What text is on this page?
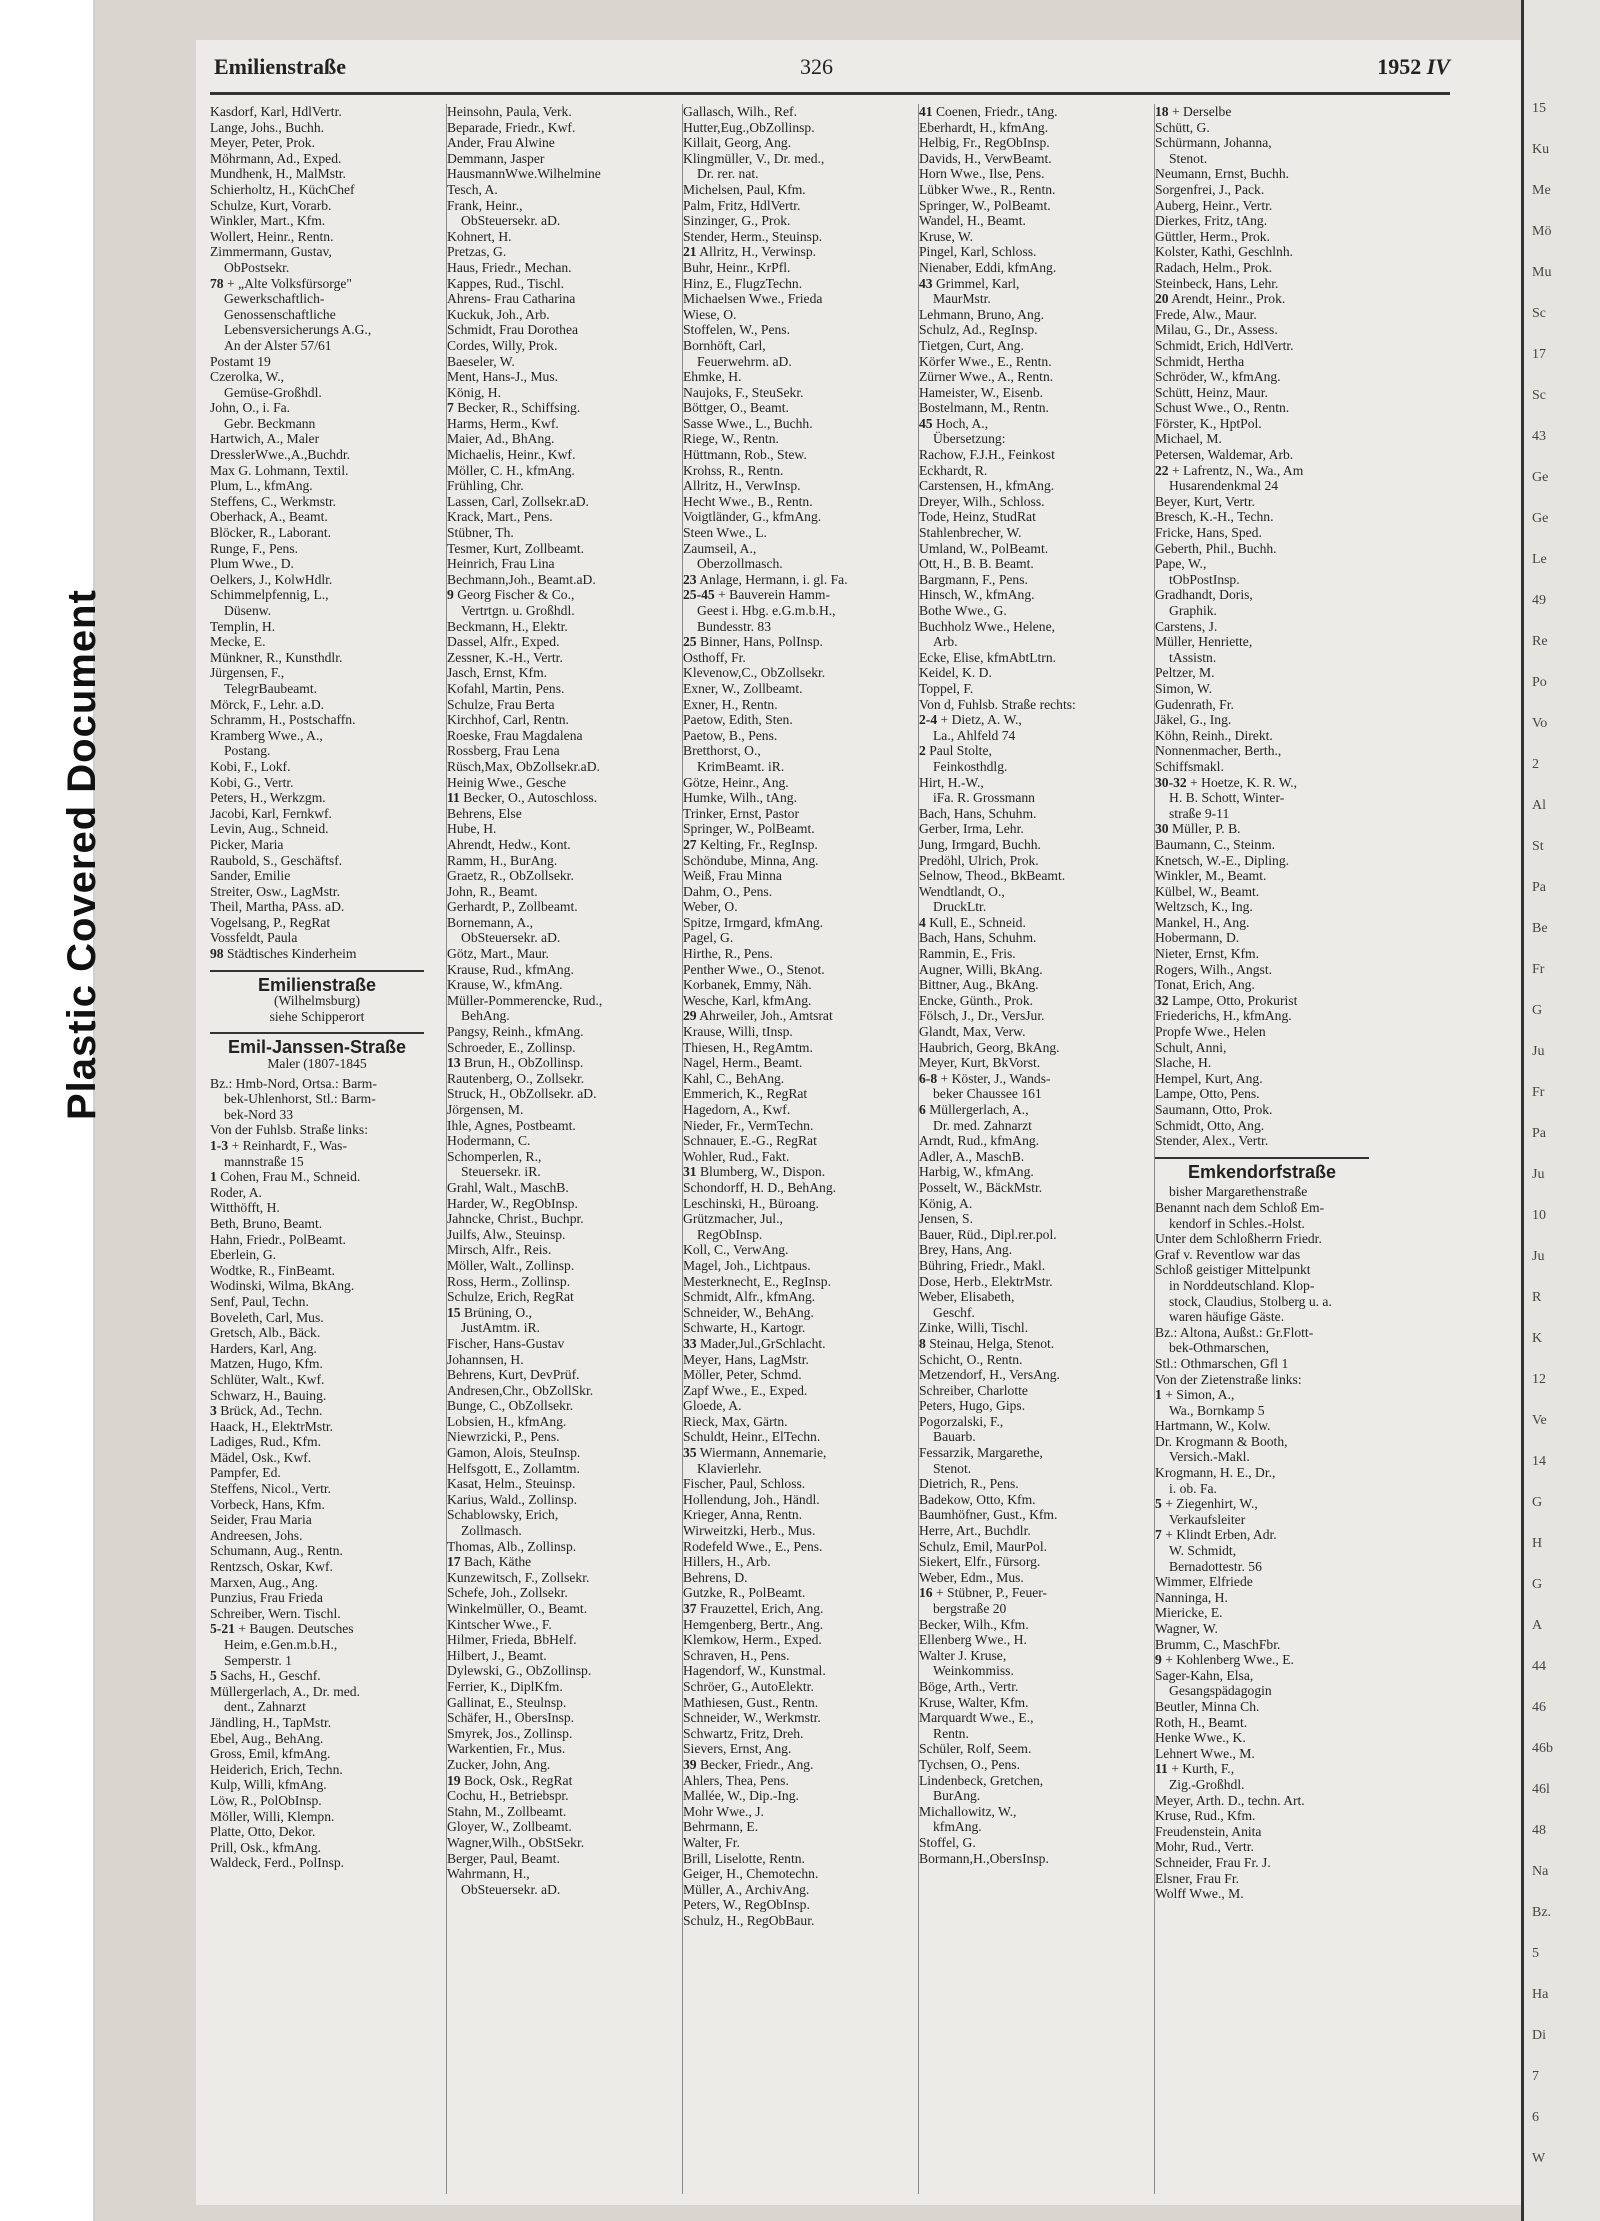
Plastic Covered Document
Emilienstraße	326	1952 IV
Kasdorf, Karl, HdlVertr.
Lange, Johs., Buchh.
Meyer, Peter, Prok.
Möhrmann, Ad., Exped.
Mundhenk, H., MalMstr.
Schierholtz, H., KüchChef
Schulze, Kurt, Vorarb.
Winkler, Mart., Kfm.
Wollert, Heinr., Rentn.
Zimmermann, Gustav,
ObPostsekr.
78 + „Alte Volksfürsorge"
Gewerkschaftlich-
Genossenschaftliche
Lebensversicherungs A.G.,
An der Alster 57/61
Postamt 19
Czerolka, W.,
Gemüse-Großhdl.
John, O., i. Fa.
Gebr. Beckmann
Hartwich, A., Maler
DresslerWwe.,A.,Buchdr.
Max G. Lohmann, Textil.
Plum, L., kfmAng.
Steffens, C., Werkmstr.
Oberhack, A., Beamt.
Blöcker, R., Laborant.
Runge, F., Pens.
Plum Wwe., D.
Oelkers, J., KolwHdlr.
Schimmelpfennig, L.,
Düsenw.
Templin, H.
Mecke, E.
Münkner, R., Kunsthdlr.
Jürgensen, F.,
TelegrBaubeamt.
Mörck, F., Lehr. a.D.
Schramm, H., Postschaffn.
Kramberg Wwe., A.,
Postang.
Kobi, F., Lokf.
Kobi, G., Vertr.
Peters, H., Werkzgm.
Jacobi, Karl, Fernkwf.
Levin, Aug., Schneid.
Picker, Maria
Raubold, S., Geschäftsf.
Sander, Emilie
Streiter, Osw., LagMstr.
Theil, Martha, PAss. aD.
Vogelsang, P., RegRat
Vossfeldt, Paula
98 Städtisches Kinderheim
Emilienstraße
(Wilhelmsburg)
siehe Schipperort
Emil-Janssen-Straße
Maler (1807-1845
Bz.: Hmb-Nord, Ortsa.: Barm-
bek-Uhlenhorst, Stl.: Barm-
bek-Nord 33
Von der Fuhlsb. Straße links:
1-3 + Reinhardt, F., Was-
mannstraße 15
1 Cohen, Frau M., Schneid.
Roder, A.
Witthöfft, H.
Beth, Bruno, Beamt.
Hahn, Friedr., PolBeamt.
Eberlein, G.
Wodtke, R., FinBeamt.
Wodinski, Wilma, BkAng.
Senf, Paul, Techn.
Boveleth, Carl, Mus.
Gretsch, Alb., Bäck.
Harders, Karl, Ang.
Matzen, Hugo, Kfm.
Schlüter, Walt., Kwf.
Schwarz, H., Bauing.
3 Brück, Ad., Techn.
Haack, H., ElektrMstr.
Ladiges, Rud., Kfm.
Mädel, Osk., Kwf.
Pampfer, Ed.
Steffens, Nicol., Vertr.
Vorbeck, Hans, Kfm.
Seider, Frau Maria
Andreesen, Johs.
Schumann, Aug., Rentn.
Rentzsch, Oskar, Kwf.
Marxen, Aug., Ang.
Punzius, Frau Frieda
Schreiber, Wern. Tischl.
5-21 + Baugen. Deutsches
Heim, e.Gen.m.b.H.,
Semperstr. 1
5 Sachs, H., Geschf.
Müllergerlach, A., Dr. med.
dent., Zahnarzt
Jändling, H., TapMstr.
Ebel, Aug., BehAng.
Gross, Emil, kfmAng.
Heiderich, Erich, Techn.
Kulp, Willi, kfmAng.
Löw, R., PolObInsp.
Möller, Willi, Klempn.
Platte, Otto, Dekor.
Prill, Osk., kfmAng.
Waldeck, Ferd., PolInsp.
Heinsohn, Paula, Verk.
Beparade, Friedr., Kwf.
Ander, Frau Alwine
Demmann, Jasper
HausmannWwe.Wilhelmine
Tesch, A.
Frank, Heinr.,
ObSteuersekr. aD.
Kohnert, H.
Pretzas, G.
Haus, Friedr., Mechan.
Kappes, Rud., Tischl.
Ahrens- Frau Catharina
Kuckuk, Joh., Arb.
Schmidt, Frau Dorothea
Cordes, Willy, Prok.
Baeseler, W.
Ment, Hans-J., Mus.
König, H.
7 Becker, R., Schiffsing.
Harms, Herm., Kwf.
Maier, Ad., BhAng.
Michaelis, Heinr., Kwf.
Möller, C. H., kfmAng.
Frühling, Chr.
Lassen, Carl, Zollsekr.aD.
Krack, Mart., Pens.
Stübner, Th.
Tesmer, Kurt, Zollbeamt.
Heinrich, Frau Lina
Bechmann,Joh., Beamt.aD.
9 Georg Fischer & Co.,
Vertrtgn. u. Großhdl.
Beckmann, H., Elektr.
Dassel, Alfr., Exped.
Zessner, K.-H., Vertr.
Jasch, Ernst, Kfm.
Kofahl, Martin, Pens.
Schulze, Frau Berta
Kirchhof, Carl, Rentn.
Roeske, Frau Magdalena
Rossberg, Frau Lena
Rüsch,Max, ObZollsekr.aD.
Heinig Wwe., Gesche
11 Becker, O., Autoschloss.
Behrens, Else
Hube, H.
Ahrendt, Hedw., Kont.
Ramm, H., BurAng.
Graetz, R., ObZollsekr.
John, R., Beamt.
Gerhardt, P., Zollbeamt.
Bornemann, A.,
ObSteuersekr. aD.
Götz, Mart., Maur.
Krause, Rud., kfmAng.
Krause, W., kfmAng.
Müller-Pommerencke, Rud.,
BehAng.
Pangsy, Reinh., kfmAng.
Schroeder, E., Zollinsp.
13 Brun, H., ObZollinsp.
Rautenberg, O., Zollsekr.
Struck, H., ObZollsekr. aD.
Jörgensen, M.
Ihle, Agnes, Postbeamt.
Hodermann, C.
Schomperlen, R.,
Steuersekr. iR.
Grahl, Walt., MaschB.
Harder, W., RegObInsp.
Jahncke, Christ., Buchpr.
Juilfs, Alw., Steuinsp.
Mirsch, Alfr., Reis.
Möller, Walt., Zollinsp.
Ross, Herm., Zollinsp.
Schulze, Erich, RegRat
15 Brüning, O.,
JustAmtm. iR.
Fischer, Hans-Gustav
Johannsen, H.
Behrens, Kurt, DevPrüf.
Andresen,Chr., ObZollSkr.
Bunge, C., ObZollsekr.
Lobsien, H., kfmAng.
Niewrzicki, P., Pens.
Gamon, Alois, SteuInsp.
Helfsgott, E., Zollamtm.
Kasat, Helm., Steuinsp.
Karius, Wald., Zollinsp.
Schablowsky, Erich,
Zollmasch.
Thomas, Alb., Zollinsp.
17 Bach, Käthe
Kunzewitsch, F., Zollsekr.
Schefe, Joh., Zollsekr.
Winkelmüller, O., Beamt.
Kintscher Wwe., F.
Hilmer, Frieda, BbHelf.
Hilbert, J., Beamt.
Dylewski, G., ObZollinsp.
Ferrier, K., DiplKfm.
Gallinat, E., Steulnsp.
Schäfer, H., ObersInsp.
Smyrek, Jos., Zollinsp.
Warkentien, Fr., Mus.
Zucker, John, Ang.
19 Bock, Osk., RegRat
Cochu, H., Betriebspr.
Stahn, M., Zollbeamt.
Gloyer, W., Zollbeamt.
Wagner,Wilh., ObStSekr.
Berger, Paul, Beamt.
Wahrmann, H.,
ObSteuersekr. aD.
Gallasch, Wilh., Ref.
Hutter,Eug.,ObZollinsp.
Killait, Georg, Ang.
Klingmüller, V., Dr. med.,
Dr. rer. nat.
Michelsen, Paul, Kfm.
Palm, Fritz, HdlVertr.
Sinzinger, G., Prok.
Stender, Herm., Steuinsp.
21 Allritz, H., Verwinsp.
Buhr, Heinr., KrPfl.
Hinz, E., FlugzTechn.
Michaelsen Wwe., Frieda
Wiese, O.
Stoffelen, W., Pens.
Bornhöft, Carl,
Feuerwehrm. aD.
Ehmke, H.
Naujoks, F., SteuSekr.
Böttger, O., Beamt.
Sasse Wwe., L., Buchh.
Riege, W., Rentn.
Hüttmann, Rob., Stew.
Krohss, R., Rentn.
Allritz, H., VerwInsp.
Hecht Wwe., B., Rentn.
Voigtländer, G., kfmAng.
Steen Wwe., L.
Zaumseil, A.,
Oberzollmasch.
23 Anlage, Hermann, i. gl. Fa.
25-45 + Bauverein Hamm-
Geest i. Hbg. e.G.m.b.H.,
Bundesstr. 83
25 Binner, Hans, PolInsp.
Osthoff, Fr.
Klevenow,C., ObZollsekr.
Exner, W., Zollbeamt.
Exner, H., Rentn.
Paetow, Edith, Sten.
Paetow, B., Pens.
Bretthorst, O.,
KrimBeamt. iR.
Götze, Heinr., Ang.
Humke, Wilh., tAng.
Trinker, Ernst, Pastor
Springer, W., PolBeamt.
27 Kelting, Fr., RegInsp.
Schöndube, Minna, Ang.
Weiß, Frau Minna
Dahm, O., Pens.
Weber, O.
Spitze, Irmgard, kfmAng.
Pagel, G.
Hirthe, R., Pens.
Penther Wwe., O., Stenot.
Korbanek, Emmy, Näh.
Wesche, Karl, kfmAng.
29 Ahrweiler, Joh., Amtsrat
Krause, Willi, tInsp.
Thiesen, H., RegAmtm.
Nagel, Herm., Beamt.
Kahl, C., BehAng.
Emmerich, K., RegRat
Hagedorn, A., Kwf.
Nieder, Fr., VermTechn.
Schnauer, E.-G., RegRat
Wohler, Rud., Fakt.
31 Blumberg, W., Dispon.
Schondorff, H. D., BehAng.
Leschinski, H., Büroang.
Grützmacher, Jul.,
RegObInsp.
Koll, C., VerwAng.
Magel, Joh., Lichtpaus.
Mesterknecht, E., RegInsp.
Schmidt, Alfr., kfmAng.
Schneider, W., BehAng.
Schwarte, H., Kartogr.
33 Mader,Jul.,GrSchlacht.
Meyer, Hans, LagMstr.
Möller, Peter, Schmd.
Zapf Wwe., E., Exped.
Gloede, A.
Rieck, Max, Gärtn.
Schuldt, Heinr., ElTechn.
35 Wiermann, Annemarie,
Klavierlehr.
Fischer, Paul, Schloss.
Hollendung, Joh., Händl.
Krieger, Anna, Rentn.
Wirweitzki, Herb., Mus.
Rodefeld Wwe., E., Pens.
Hillers, H., Arb.
Behrens, D.
Gutzke, R., PolBeamt.
37 Frauzettel, Erich, Ang.
Hemgenberg, Bertr., Ang.
Klemkow, Herm., Exped.
Schraven, H., Pens.
Hagendorf, W., Kunstmal.
Schröer, G., AutoElektr.
Mathiesen, Gust., Rentn.
Schneider, W., Werkmstr.
Schwartz, Fritz, Dreh.
Sievers, Ernst, Ang.
39 Becker, Friedr., Ang.
Ahlers, Thea, Pens.
Mallée, W., Dip.-Ing.
Mohr Wwe., J.
Behrmann, E.
Walter, Fr.
Brill, Liselotte, Rentn.
Geiger, H., Chemotechn.
Müller, A., ArchivAng.
Peters, W., RegObInsp.
Schulz, H., RegObBaur.
41 Coenen, Friedr., tAng.
Eberhardt, H., kfmAng.
Helbig, Fr., RegObInsp.
Davids, H., VerwBeamt.
Horn Wwe., Ilse, Pens.
Lübker Wwe., R., Rentn.
Springer, W., PolBeamt.
Wandel, H., Beamt.
Kruse, W.
Pingel, Karl, Schloss.
Nienaber, Eddi, kfmAng.
43 Grimmel, Karl,
MaurMstr.
Lehmann, Bruno, Ang.
Schulz, Ad., RegInsp.
Tietgen, Curt, Ang.
Körfer Wwe., E., Rentn.
Zürner Wwe., A., Rentn.
Hameister, W., Eisenb.
Bostelmann, M., Rentn.
45 Hoch, A.,
Übersetzung:
Rachow, F.J.H., Feinkost
Eckhardt, R.
Carstensen, H., kfmAng.
Dreyer, Wilh., Schloss.
Tode, Heinz, StudRat
Stahlenbrecher, W.
Umland, W., PolBeamt.
Ott, H., B. B. Beamt.
Bargmann, F., Pens.
Hinsch, W., kfmAng.
Bothe Wwe., G.
Buchholz Wwe., Helene,
Arb.
Ecke, Elise, kfmAbtLtrn.
Keidel, K. D.
Toppel, F.
Von d, Fuhlsb. Straße rechts:
2-4 + Dietz, A. W.,
La., Ahlfeld 74
2 Paul Stolte,
Feinkosthdlg.
Hirt, H.-W.,
iFa. R. Grossmann
Bach, Hans, Schuhm.
Gerber, Irma, Lehr.
Jung, Irmgard, Buchh.
Predöhl, Ulrich, Prok.
Selnow, Theod., BkBeamt.
Wendtlandt, O.,
DruckLtr.
4 Kull, E., Schneid.
Bach, Hans, Schuhm.
Rammin, E., Fris.
Augner, Willi, BkAng.
Bittner, Aug., BkAng.
Encke, Günth., Prok.
Fölsch, J., Dr., VersJur.
Glandt, Max, Verw.
Haubrich, Georg, BkAng.
Meyer, Kurt, BkVorst.
6-8 + Köster, J., Wands-
beker Chaussee 161
6 Müllergerlach, A.,
Dr. med. Zahnarzt
Arndt, Rud., kfmAng.
Adler, A., MaschB.
Harbig, W., kfmAng.
Posselt, W., BäckMstr.
König, A.
Jensen, S.
Bauer, Rüd., Dipl.rer.pol.
Brey, Hans, Ang.
Bühring, Friedr., Makl.
Dose, Herb., ElektrMstr.
Weber, Elisabeth,
Geschf.
Zinke, Willi, Tischl.
8 Steinau, Helga, Stenot.
Schicht, O., Rentn.
Metzendorf, H., VersAng.
Schreiber, Charlotte
Peters, Hugo, Gips.
Pogorzalski, F.,
Bauarb.
Fessarzik, Margarethe,
Stenot.
Dietrich, R., Pens.
Badekow, Otto, Kfm.
Baumhöfner, Gust., Kfm.
Herre, Art., Buchdlr.
Schulz, Emil, MaurPol.
Siekert, Elfr., Fürsorg.
Weber, Edm., Mus.
16 + Stübner, P., Feuer-
bergstraße 20
Becker, Wilh., Kfm.
Ellenberg Wwe., H.
Walter J. Kruse,
Weinkommiss.
Böge, Arth., Vertr.
Kruse, Walter, Kfm.
Marquardt Wwe., E.,
Rentn.
Schüler, Rolf, Seem.
Tychsen, O., Pens.
Lindenbeck, Gretchen,
BurAng.
Michallowitz, W.,
kfmAng.
Stoffel, G.
Bormann,H.,ObersInsp.
18 + Derselbe
Schütt, G.
Schürmann, Johanna,
Stenot.
Neumann, Ernst, Buchh.
Sorgenfrei, J., Pack.
Auberg, Heinr., Vertr.
Dierkes, Fritz, tAng.
Güttler, Herm., Prok.
Kolster, Kathi, Geschlnh.
Radach, Helm., Prok.
Steinbeck, Hans, Lehr.
20 Arendt, Heinr., Prok.
Frede, Alw., Maur.
Milau, G., Dr., Assess.
Schmidt, Erich, HdlVertr.
Schmidt, Hertha
Schröder, W., kfmAng.
Schütt, Heinz, Maur.
Schust Wwe., O., Rentn.
Förster, K., HptPol.
Michael, M.
Petersen, Waldemar, Arb.
22 + Lafrentz, N., Wa., Am
Husarendenkmal 24
Beyer, Kurt, Vertr.
Bresch, K.-H., Techn.
Fricke, Hans, Sped.
Geberth, Phil., Buchh.
Pape, W.,
tObPostInsp.
Gradhandt, Doris,
Graphik.
Carstens, J.
Müller, Henriette,
tAssistn.
Peltzer, M.
Simon, W.
Gudenrath, Fr.
Jäkel, G., Ing.
Köhn, Reinh., Direkt.
Nonnenmacher, Berth.,
Schiffsmakl.
30-32 + Hoetze, K. R. W.,
H. B. Schott, Winter-
straße 9-11
30 Müller, P. B.
Baumann, C., Steinm.
Knetsch, W.-E., Dipling.
Winkler, M., Beamt.
Külbel, W., Beamt.
Weltzsch, K., Ing.
Mankel, H., Ang.
Hobermann, D.
Nieter, Ernst, Kfm.
Rogers, Wilh., Angst.
Tonat, Erich, Ang.
32 Lampe, Otto, Prokurist
Friederichs, H., kfmAng.
Propfe Wwe., Helen
Schult, Anni,
Slache, H.
Hempel, Kurt, Ang.
Lampe, Otto, Pens.
Saumann, Otto, Prok.
Schmidt, Otto, Ang.
Stender, Alex., Vertr.
Emkendorfstraße
bisher Margarethenstraße
Benannt nach dem Schloß Em-
kendorf in Schles.-Holst.
Unter dem Schloßherrn Friedr.
Graf v. Reventlow war das
Schloß geistiger Mittelpunkt
in Norddeutschland. Klop-
stock, Claudius, Stolberg u. a.
waren häufige Gäste.
Bz.: Altona, Außst.: Gr.Flott-
bek-Othmarschen,
Stl.: Othmarschen, Gfl 1
Von der Zietenstraße links:
1 + Simon, A.,
Wa., Bornkamp 5
Hartmann, W., Kolw.
Dr. Krogmann & Booth,
Versich.-Makl.
Krogmann, H. E., Dr.,
i. ob. Fa.
5 + Ziegenhirt, W.,
Verkaufsleiter
7 + Klindt Erben, Adr.
W. Schmidt,
Bernadottestr. 56
Wimmer, Elfriede
Nanninga, H.
Miericke, E.
Wagner, W.
Brumm, C., MaschFbr.
9 + Kohlenberg Wwe., E.
Sager-Kahn, Elsa,
Gesangspädagogin
Beutler, Minna Ch.
Roth, H., Beamt.
Henke Wwe., K.
Lehnert Wwe., M.
11 + Kurth, F.,
Zig.-Großhdl.
Meyer, Arth. D., techn. Art.
Kruse, Rud., Kfm.
Freudenstein, Anita
Mohr, Rud., Vertr.
Schneider, Frau Fr. J.
Elsner, Frau Fr.
Wolff Wwe., M.
15
Ku
Me
Mö
Mu
Sc
17
Sc
43
Ge
Ge
Le
49
Re
Po
Vo
2
Al
St
Pa
Be
Fr
G
Ju
Fr
Pa
Ju
10
Ju
R
K
12
Ve
14
G
H
G
A
44
46
46b
46l
48
Na
Bz.
5
Ha
Di
7
6
W
